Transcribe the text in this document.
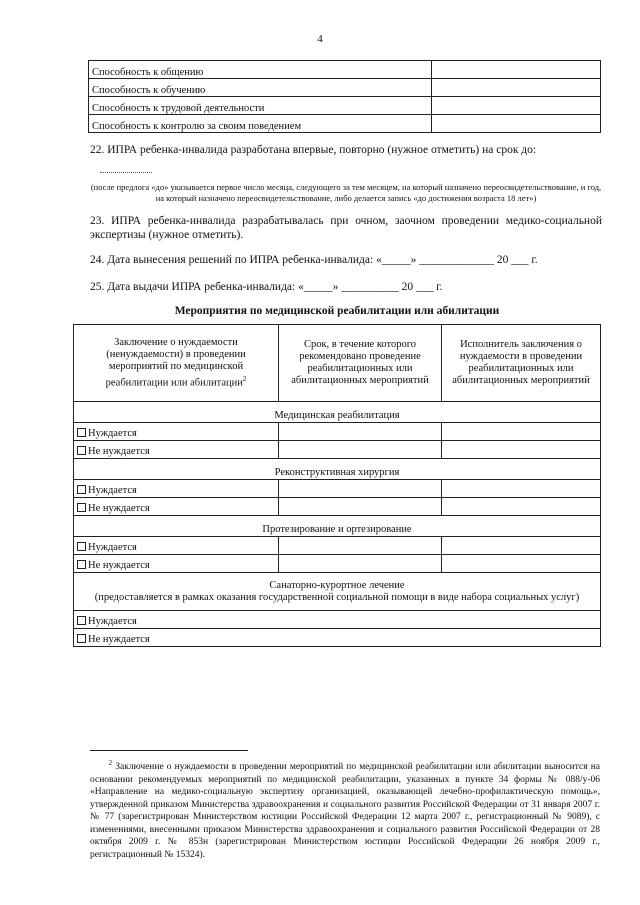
4
Способность к общению	
Способность к обучению	
Способность к трудовой деятельности	
Способность к контролю за своим поведением	
22. ИПРА ребенка-инвалида разработана впервые, повторно (нужное отметить) на срок до:
(после предлога «до» указывается первое число месяца, следующего за тем месяцем, на который назначено переосвидетельствование, и год, на который назначено переосвидетельствование, либо делается запись «до достижения возраста 18 лет»)
23. ИПРА ребенка-инвалида разрабатывалась при очном, заочном проведении медико-социальной экспертизы (нужное отметить).
24. Дата вынесения решений по ИПРА ребенка-инвалида: «_____» _____________ 20 ___ г.
25. Дата выдачи ИПРА ребенка-инвалида: «_____» __________ 20 ___ г.
Мероприятия по медицинской реабилитации или абилитации
Заключение о нуждаемости (ненуждаемости) в проведении мероприятий по медицинской реабилитации или абилитации$^2$	Срок, в течение которого рекомендовано проведение реабилитационных или абилитационных мероприятий	Исполнитель заключения о нуждаемости в проведении реабилитационных или абилитационных мероприятий
Медицинская реабилитация		
Нуждается		
Не нуждается		
Реконструктивная хирургия		
Нуждается		
Не нуждается		
Протезирование и ортезирование		
Нуждается		
Не нуждается		

Санаторно-курортное лечение
(предоставляется в рамках оказания государственной социальной помощи в виде набора социальных услуг)		

Нуждается		
Не нуждается		
$^2$ Заключение о нуждаемости в проведении мероприятий по медицинской реабилитации или абилитации выносится на основании рекомендуемых мероприятий по медицинской реабилитации, указанных в пункте 34 формы № 088/у-06 «Направление на медико-социальную экспертизу организацией, оказывающей лечебно-профилактическую помощь», утвержденной приказом Министерства здравоохранения и социального развития Российской Федерации от 31 января 2007 г. № 77 (зарегистрирован Министерством юстиции Российской Федерации 12 марта 2007 г., регистрационный № 9089), с изменениями, внесенными приказом Министерства здравоохранения и социального развития Российской Федерации от 28 октября 2009 г. № 853н (зарегистрирован Министерством юстиции Российской Федерации 26 ноября 2009 г., регистрационный № 15324).
